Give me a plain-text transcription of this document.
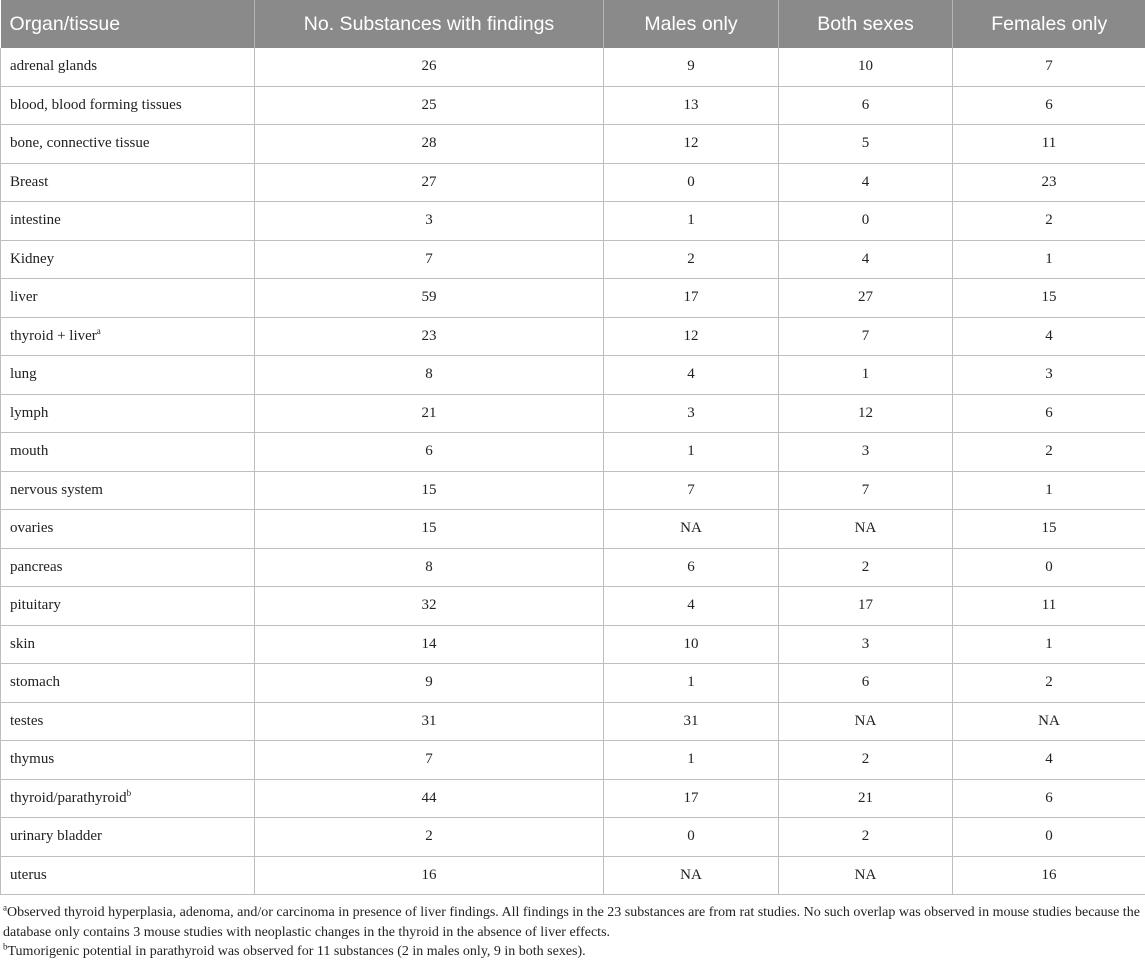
Organ/tissue	No. Substances with findings	Males only	Both sexes	Females only
adrenal glands	26	9	10	7
blood, blood forming tissues	25	13	6	6
bone, connective tissue	28	12	5	11
Breast	27	0	4	23
intestine	3	1	0	2
Kidney	7	2	4	1
liver	59	17	27	15
thyroid + liver$^a$	23	12	7	4
lung	8	4	1	3
lymph	21	3	12	6
mouth	6	1	3	2
nervous system	15	7	7	1
ovaries	15	NA	NA	15
pancreas	8	6	2	0
pituitary	32	4	17	11
skin	14	10	3	1
stomach	9	1	6	2
testes	31	31	NA	NA
thymus	7	1	2	4
thyroid/parathyroid$^b$	44	17	21	6
urinary bladder	2	0	2	0
uterus	16	NA	NA	16

$^a$Observed thyroid hyperplasia, adenoma, and/or carcinoma in presence of liver findings. All findings in the 23 substances are from rat studies. No such overlap was observed in mouse studies because the database only contains 3 mouse studies with neoplastic changes in the thyroid in the absence of liver effects.

$^b$Tumorigenic potential in parathyroid was observed for 11 substances (2 in males only, 9 in both sexes).
